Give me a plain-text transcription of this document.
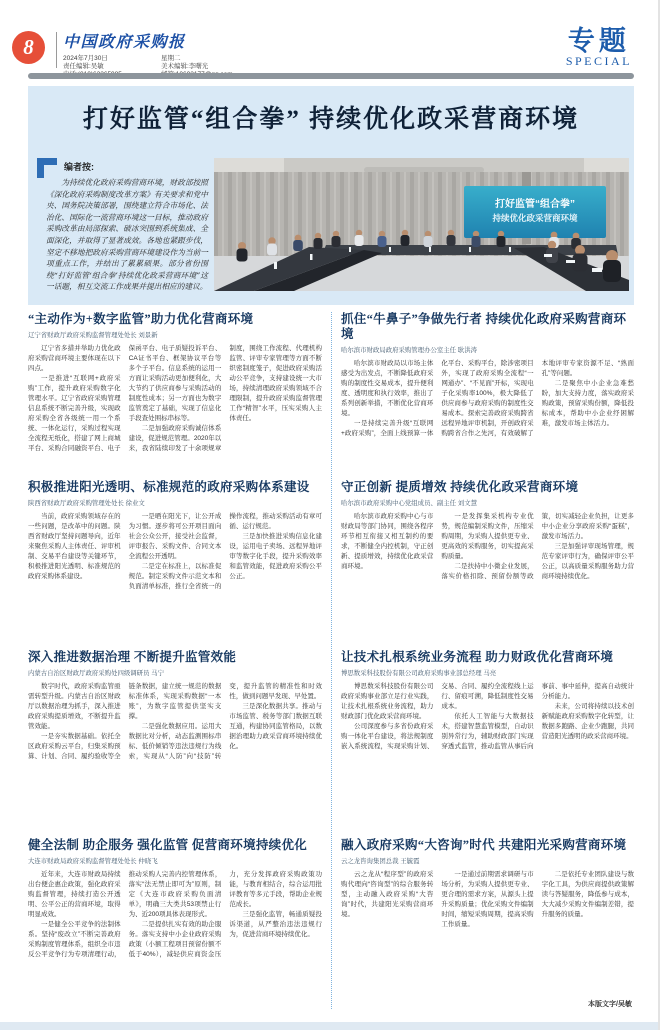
8	中国政府采购报
2024年7月30日	星期二
责任编辑:吴敏	美术编辑:李曙光
专题
SPECIAL
打好监管“组合拳” 持续优化政采营商环境
编者按:
为持续优化政府采购营商环境，财政部按照《深化政府采购制度改革方案》有关要求和党中央、国务院决策部署，围绕建立符合市场化、法治化、国际化一流营商环境这一目标，推动政府采购改革由局部探索、破冰突围到系统集成、全面深化，并取得了显著成效。各地也紧跟步伐，坚定不移地把政府采购营商环境建设作为当前一项重点工作，并结出了累累硕果。部分省份围绕“打好监管‘组合拳’持续优化政采营商环境”这一话题，相互交流工作成果并提出相应的建议。
打好监管“组合拳”
持续优化政采营商环境
“主动作为+数字监管”助力优化营商环境
辽宁省财政厅政府采购监督管理处处长 刘景新

辽宁省多措并举助力优化政府采购营商环境主要体现在以下四点。

一是推进“互联网+政府采购”工作，提升政府采购数字化管理水平。辽宁省政府采购管理信息系统不断完善升级，实现政府采购全省各级统一用一个系统、一体化运行，采购过程实现全流程无纸化，搭建了网上商城平台、采购合同融资平台、电子保函平台、电子质疑投诉平台、CA证书平台、框架协议平台等多个子平台。信息系统的运用一方面让采购活动更加便利化，大大节约了供应商参与采购活动的制度性成本；另一方面也为数字监管奠定了基础，实现了信息化手段查处围标串标等。

二是加强政府采购诚信体系建设，促进规范管理。2020年以来，我省陆续印发了十余项规章制度，围绕工作流程、代理机构监管、评审专家管理等方面不断织密制度笼子，促进政府采购活动公平竞争，支持建设统一大市场，持续清理政府采购领域不合理限制，提升政府采购监督管理工作“精智”水平，压实采购人主体责任。

积极推进阳光透明、标准规范的政府采购体系建设
陕西省财政厅政府采购管理处处长 徐业文

当前，政府采购领域存在的一些问题，是改革中的问题。陕西省财政厅坚持问题导向，近年来聚焦采购人主体责任、评审机制、交易平台建设等关键环节，积极推进阳光透明、标准规范的政府采购体系建设。

一是晒在阳光下，让公开成为习惯。逐步将可公开项目面向社会公众公开，接受社会监督，评审报告、采购文件、合同文本全流程公开透明。

二是定在标准上，以标准促规范。制定采购文件示范文本和负面清单标准，推行全省统一的操作流程，推动采购活动有章可循、运行规范。

三是加快推进采购信息化建设，运用电子卖场、远程异地评审等数字化手段，提升采购效率和监管效能，促进政府采购公平公正。

深入推进数据治理 不断提升监管效能
内蒙古自治区财政厅政府采购处四级调研员 马宁

数字时代，政府采购监管亟需转型升级。内蒙古自治区财政厅以数据治理为抓手，深入推进政府采购提质增效，不断提升监管效能。

一是夯实数据基础。依托全区政府采购云平台，归集采购预算、计划、合同、履约验收等全链条数据，建立统一规范的数据标准体系，实现采购数据“一本账”，为数字监管提供坚实支撑。

二是强化数据应用。运用大数据比对分析，动态监测围标串标、低价倾销等违法违规行为线索，实现从“人防”向“技防”转变，提升监管的精准性和时效性，做到问题早发现、早处置。

三是深化数据共享。推动与市场监管、税务等部门数据互联互通，构建协同监管格局，以数据治理助力政采营商环境持续优化。

健全法制 助企服务 强化监管 促营商环境持续优化
大连市财政局政府采购监督管理处处长 仲晓飞

近年来，大连市财政局持续出台便企惠企政策，强化政府采购监督管理，持续打造公开透明、公平公正的营商环境，取得明显成效。

一是健全公平竞争的法制体系。坚持“废改立”不断完善政府采购制度管理体系，组织全市违反公平竞争行为专项清理行动，推动采购人完善内控管理体系，落实“法无禁止即可为”原则，制定《大连市政府采购负面清单》，明确三大类共53项禁止行为、近200项具体表现形式。

二是提供扎实有效的助企服务。落实支持中小企业政府采购政策（小额工程项目预留份额不低于40%），减轻供应商资金压力，充分发挥政府采购政策功能，与教育相结合，综合运用批评教育等多元手段，帮助企业规范成长。

三是强化监管，畅通质疑投诉渠道，从严整治违法违规行为，促进营商环境持续优化。

抓住“牛鼻子”争做先行者 持续优化政府采购营商环境
哈尔滨市财政局政府采购管理办公室主任 耿洪涛

哈尔滨市财政局以市场主体感受为出发点，不断降低政府采购的制度性交易成本，提升便利度、透明度和执行效率，推出了系列创新举措，不断优化营商环境。

一是持续完善升级“互联网+政府采购”，全面上线预算一体化平台、采购平台，除涉密项目外，实现了政府采购全流程“一网通办”、“不见面”开标，实现电子化采购率100%，极大降低了供应商参与政府采购的制度性交易成本。探索完善政府采购跨省远程异地评审机制，开创政府采购跨省合作之先河，有效破解了本地评审专家资源不足、“熟面孔”等问题。

二是聚焦中小企业急难愁盼，加大支持力度，落实政府采购政策，预留采购份额，降低投标成本，帮助中小企业纾困解难，激发市场主体活力。

守正创新 提质增效 持续优化政采营商环境
哈尔滨市政府采购中心党组成员、副主任 刘文慧

哈尔滨市政府采购中心与市财政局等部门协同，围绕各程序环节相互衔接又相互制约的要求，不断健全内控机制，守正创新、提质增效，持续优化政采营商环境。

一是发挥集采机构专业优势，规范编制采购文件，压缩采购周期，为采购人提供更专业、更高效的采购服务，切实提高采购质量。

二是扶持中小微企业发展，落实价格扣除、预留份额等政策，切实减轻企业负担，让更多中小企业分享政府采购“蛋糕”，激发市场活力。

三是加强评审现场管理，规范专家评审行为，确保评审公平公正，以高质量采购服务助力营商环境持续优化。

让技术扎根系统业务流程 助力财政优化营商环境
博思数采科技股份有限公司政府采购事业部总经理 马亮

博思数采科技股份有限公司政府采购事业部立足行业实践，让技术扎根系统业务流程，助力财政部门优化政采营商环境。

公司深度参与多省份政府采购一体化平台建设，将法规制度嵌入系统流程，实现采购计划、交易、合同、履约全流程线上运行、留痕可溯，降低制度性交易成本。

依托人工智能与大数据技术，搭建智慧监管模型，自动识别异常行为，辅助财政部门实现穿透式监管，推动监管从事后向事前、事中延伸，提高自动统计分析能力。

未来，公司将持续以技术创新赋能政府采购数字化转型，让数据多跑路、企业少跑腿，共同营造阳光透明的政采营商环境。

融入政府采购“大咨询”时代 共建阳光采购营商环境
云之龙咨询集团总裁 王毓霞

云之龙从“程序型”的政府采购代理向“咨询型”的综合服务转型，主动融入政府采购“大咨询”时代，共建阳光采购营商环境。

一是通过前期需求调研与市场分析，为采购人提供更专业、更合理的需求方案，从源头上提升采购质量；优化采购文件编制时间，缩短采购周期，提高采购工作质量。

二是依托专业团队建设与数字化工具，为供应商提供政策解读与答疑服务，降低参与成本，大大减少采购文件编制差错，提升服务的质量。

本版文字/吴敏
